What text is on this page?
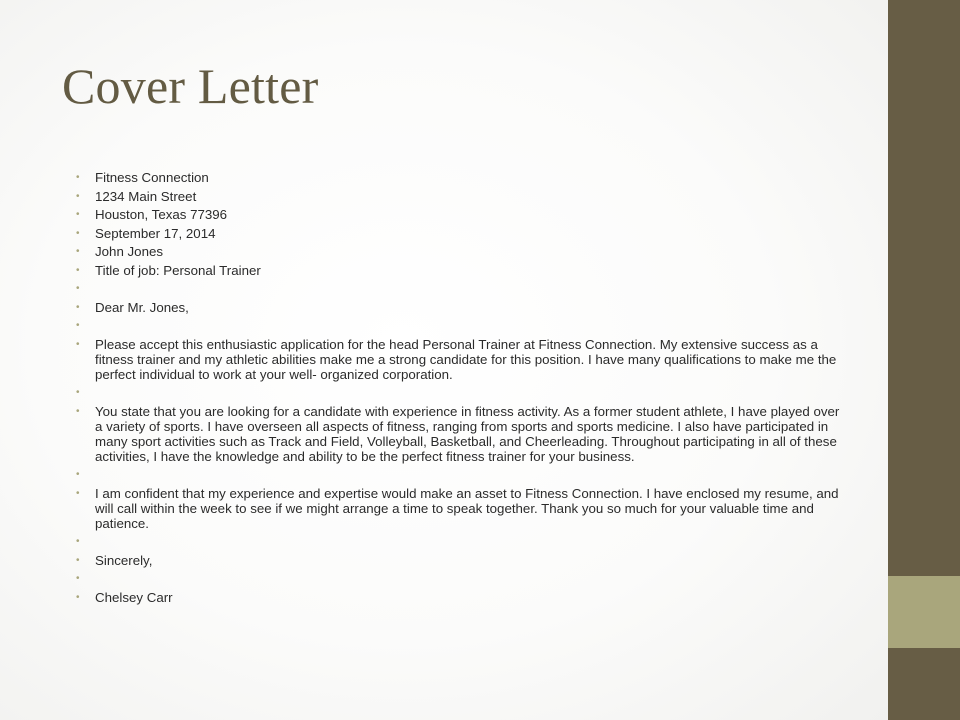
Cover Letter
• Fitness Connection
• 1234 Main Street
• Houston, Texas 77396
• September 17, 2014
• John Jones
• Title of job: Personal Trainer
•
• Dear Mr. Jones,
•
• Please accept this enthusiastic application for the head Personal Trainer at Fitness Connection. My extensive success as a fitness trainer and my athletic abilities make me a strong candidate for this position. I have many qualifications to make me the perfect individual to work at your well- organized corporation.
•
• You state that you are looking for a candidate with experience in fitness activity. As a former student athlete, I have played over a variety of sports. I have overseen all aspects of fitness, ranging from sports and sports medicine. I also have participated in many sport activities such as Track and Field, Volleyball, Basketball, and Cheerleading. Throughout participating in all of these activities, I have the knowledge and ability to be the perfect fitness trainer for your business.
•
• I am confident that my experience and expertise would make an asset to Fitness Connection. I have enclosed my resume, and will call within the week to see if we might arrange a time to speak together. Thank you so much for your valuable time and patience.
•
• Sincerely,
•
• Chelsey Carr
